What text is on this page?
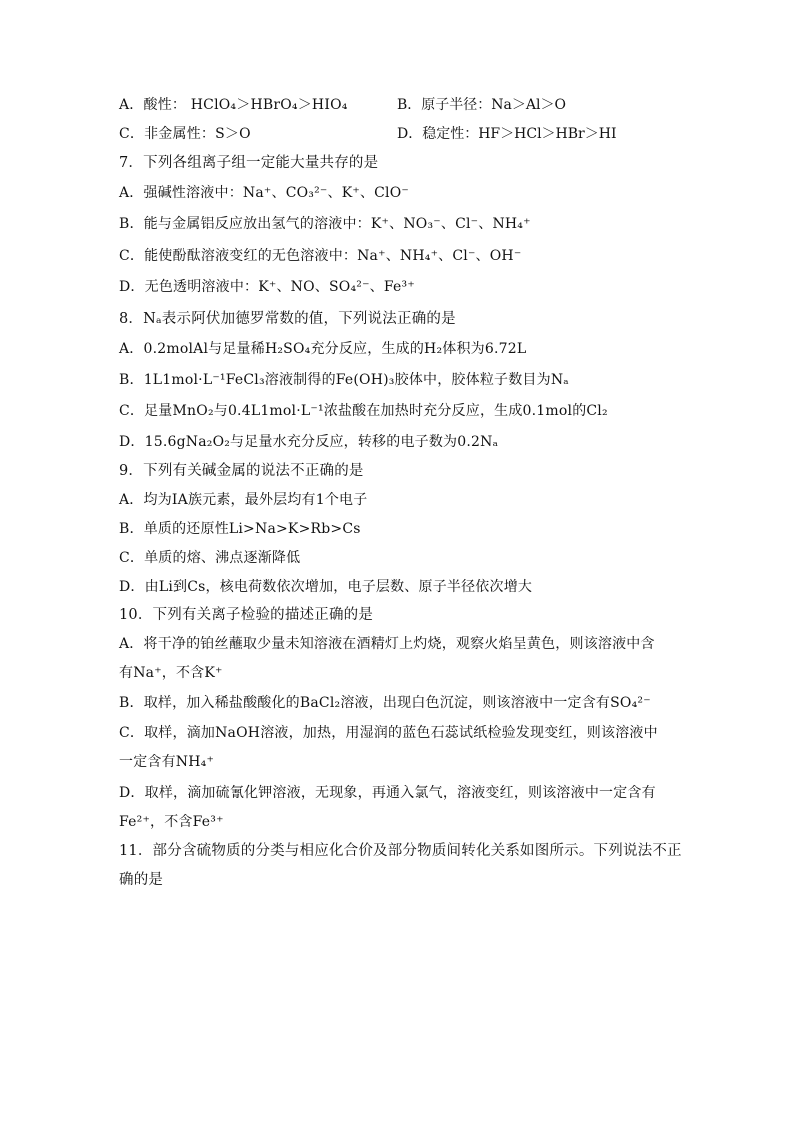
A．酸性： HClO₄＞HBrO₄＞HIO₄	B．原子半径：Na＞Al＞O
C．非金属性：S＞O	D．稳定性：HF＞HCl＞HBr＞HI
7．下列各组离子组一定能大量共存的是
A．强碱性溶液中：Na⁺、CO₃²⁻、K⁺、ClO⁻
B．能与金属铝反应放出氢气的溶液中：K⁺、NO₃⁻、Cl⁻、NH₄⁺
C．能使酚酞溶液变红的无色溶液中：Na⁺、NH₄⁺、Cl⁻、OH⁻
D．无色透明溶液中：K⁺、NO、SO₄²⁻、Fe³⁺
8．Nₐ表示阿伏加德罗常数的值，下列说法正确的是
A．0.2molAl与足量稀H₂SO₄充分反应，生成的H₂体积为6.72L
B．1L1mol·L⁻¹FeCl₃溶液制得的Fe(OH)₃胶体中，胶体粒子数目为Nₐ
C．足量MnO₂与0.4L1mol·L⁻¹浓盐酸在加热时充分反应，生成0.1mol的Cl₂
D．15.6gNa₂O₂与足量水充分反应，转移的电子数为0.2Nₐ
9．下列有关碱金属的说法不正确的是
A．均为ⅠA族元素，最外层均有1个电子
B．单质的还原性Li>Na>K>Rb>Cs
C．单质的熔、沸点逐渐降低
D．由Li到Cs，核电荷数依次增加，电子层数、原子半径依次增大
10．下列有关离子检验的描述正确的是
A．将干净的铂丝蘸取少量未知溶液在酒精灯上灼烧，观察火焰呈黄色，则该溶液中含
有Na⁺，不含K⁺
B．取样，加入稀盐酸酸化的BaCl₂溶液，出现白色沉淀，则该溶液中一定含有SO₄²⁻
C．取样，滴加NaOH溶液，加热，用湿润的蓝色石蕊试纸检验发现变红，则该溶液中
一定含有NH₄⁺
D．取样，滴加硫氰化钾溶液，无现象，再通入氯气，溶液变红，则该溶液中一定含有
Fe²⁺，不含Fe³⁺
11．部分含硫物质的分类与相应化合价及部分物质间转化关系如图所示。下列说法不正
确的是
